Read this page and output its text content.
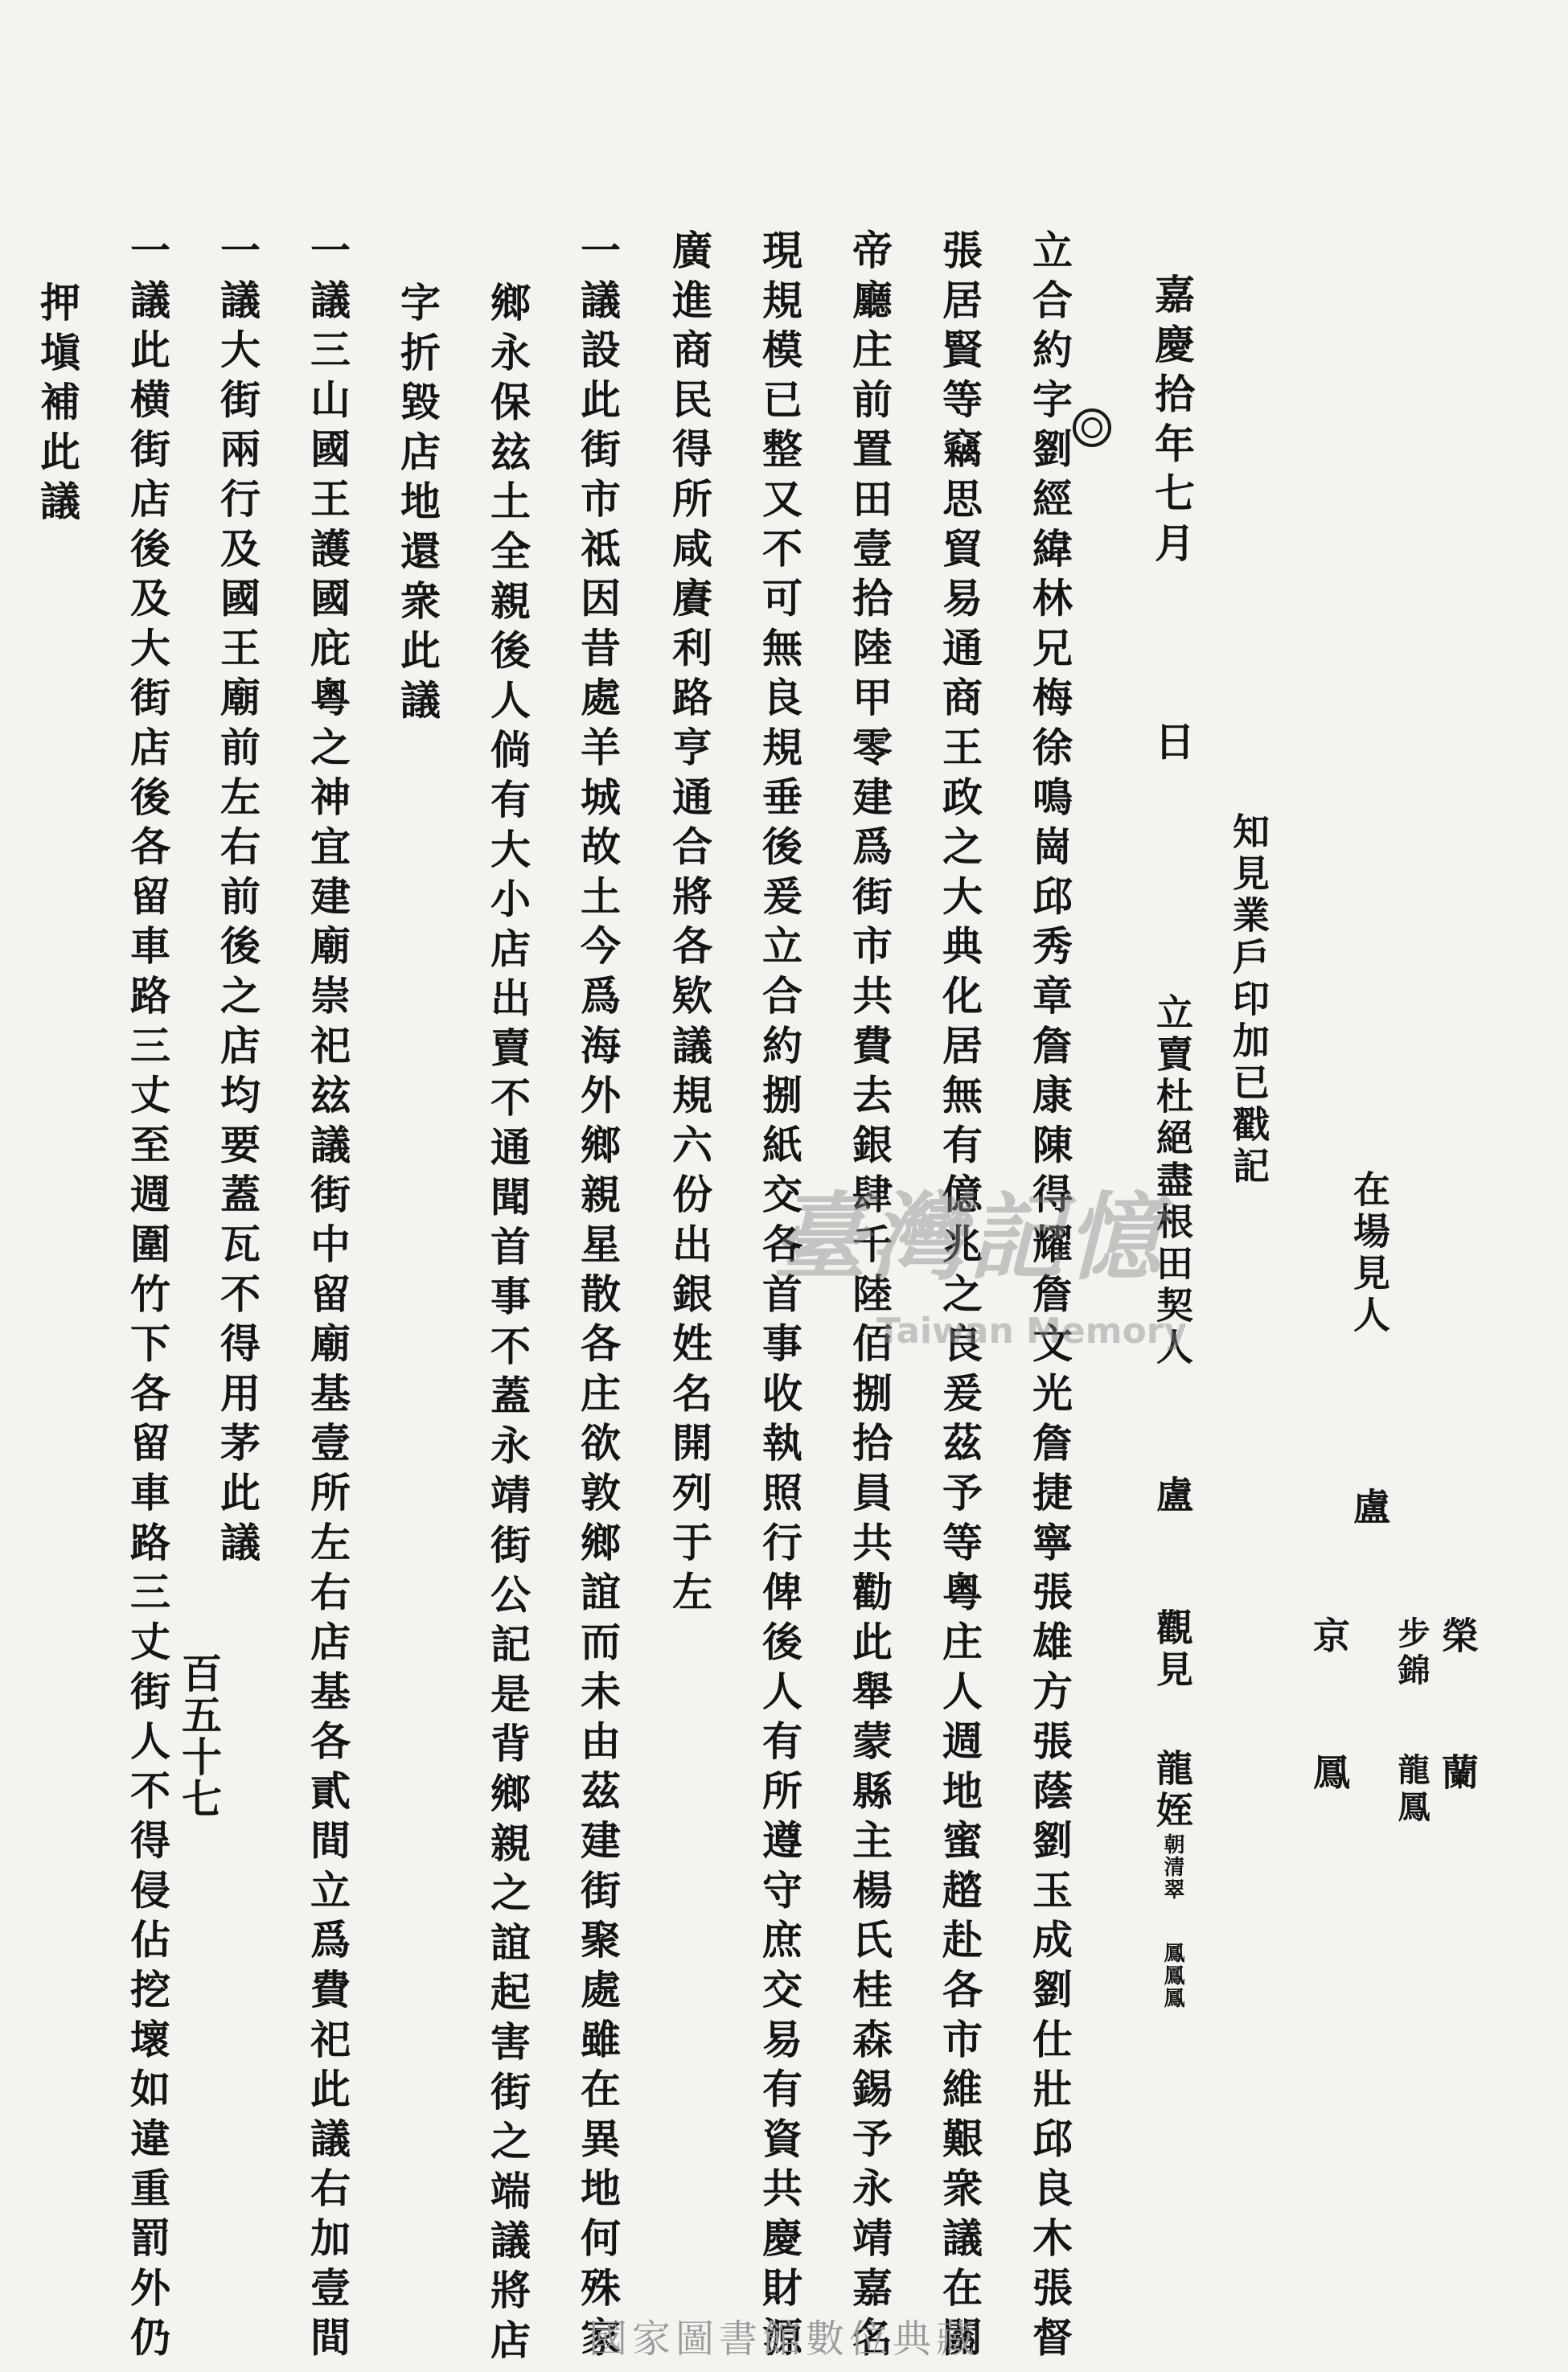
在場見人
盧
榮
蘭
步錦
龍鳳
京
鳳
知見業戶印加已戳記
立賣杜絕盡根田契人
盧
觀見
龍姪
朝清翠
鳳鳳鳳
嘉慶拾年七月　　　日
立合約字劉經緯林兄梅徐鳴崗邱秀章詹康陳得耀詹文光詹捷寧張雄方張蔭劉玉成劉仕壯邱良木張督
張居賢等竊思貿易通商王政之大典化居無有億兆之良爰茲予等粵庄人週地蜜趦赴各市維艱衆議在關
帝廳庄前置田壹拾陸甲零建爲街市共費去銀肆千陸佰捌拾員共勸此舉蒙縣主楊氏桂森錫予永靖嘉名
現規模已整又不可無良規垂後爰立合約捌紙交各首事收執照行俾後人有所遵守庶交易有資共慶財源
廣進商民得所咸賡利路亨通合將各欵議規六份出銀姓名開列于左
一議設此街市祗因昔處羊城故土今爲海外鄉親星散各庄欲敦鄉誼而未由茲建街聚處雖在異地何殊家
鄉永保玆土全親後人倘有大小店出賣不通聞首事不蓋永靖街公記是背鄉親之誼起害街之端議將店
字折毀店地還衆此議
一議三山國王護國庇粵之神宜建廟崇祀玆議街中留廟基壹所左右店基各貳間立爲費祀此議右加壹間
一議大街兩行及國王廟前左右前後之店均要蓋瓦不得用茅此議
一議此横街店後及大街店後各留車路三丈至週圍竹下各留車路三丈街人不得侵佔挖壞如違重罰外仍
押塡補此議
百五十七
臺灣記憶
Taiwan Memory
國家圖書館數位典藏
